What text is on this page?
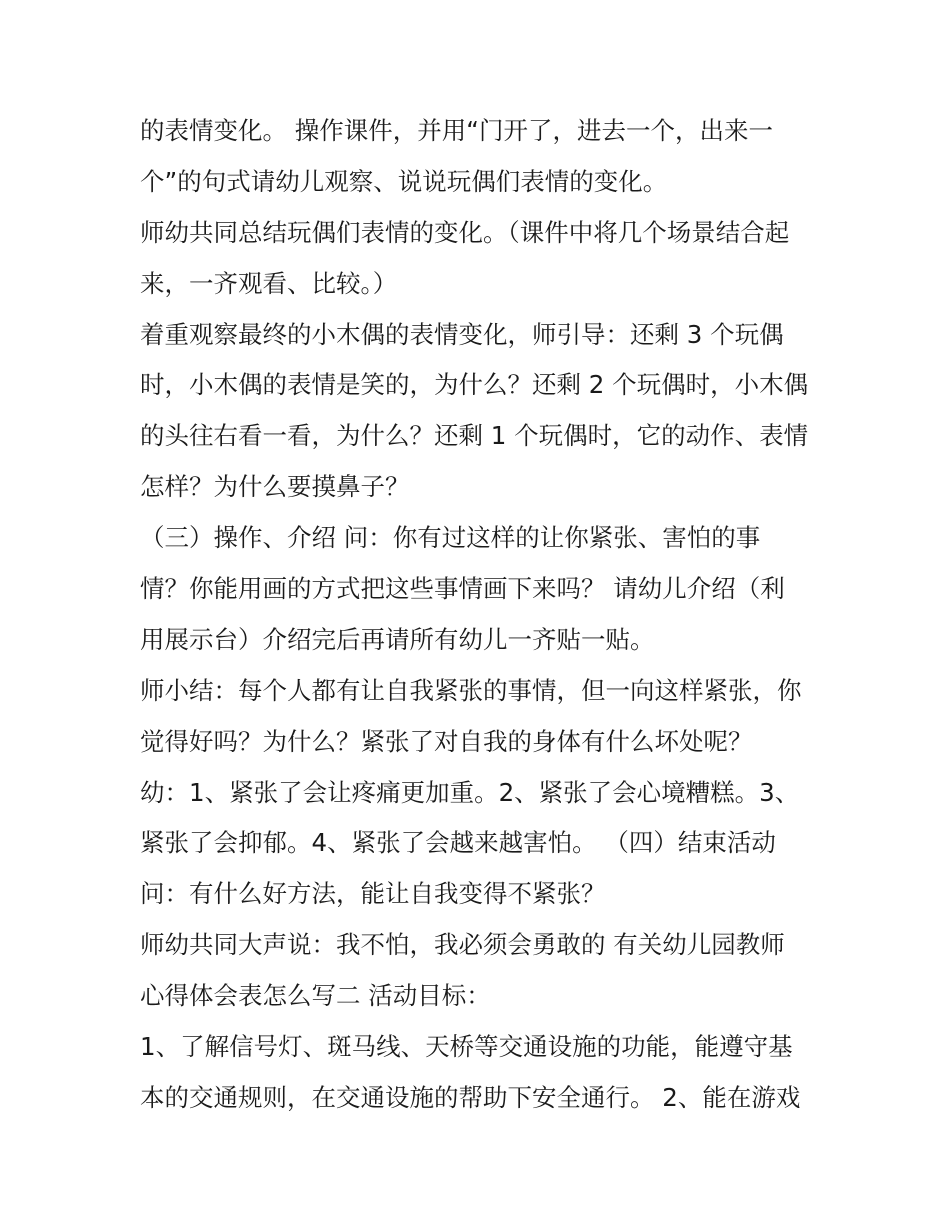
的表情变化。 操作课件，并用“门开了，进去一个，出来一
个”的句式请幼儿观察、说说玩偶们表情的变化。
师幼共同总结玩偶们表情的变化。（课件中将几个场景结合起
来，一齐观看、比较。）
着重观察最终的小木偶的表情变化，师引导：还剩 3 个玩偶
时，小木偶的表情是笑的，为什么？还剩 2 个玩偶时，小木偶
的头往右看一看，为什么？还剩 1 个玩偶时，它的动作、表情
怎样？为什么要摸鼻子？
（三）操作、介绍 问：你有过这样的让你紧张、害怕的事
情？你能用画的方式把这些事情画下来吗？ 请幼儿介绍（利
用展示台）介绍完后再请所有幼儿一齐贴一贴。
师小结：每个人都有让自我紧张的事情，但一向这样紧张，你
觉得好吗？为什么？紧张了对自我的身体有什么坏处呢？
幼：1、紧张了会让疼痛更加重。2、紧张了会心境糟糕。3、
紧张了会抑郁。4、紧张了会越来越害怕。 （四）结束活动
问：有什么好方法，能让自我变得不紧张？
师幼共同大声说：我不怕，我必须会勇敢的 有关幼儿园教师
心得体会表怎么写二 活动目标：
1、了解信号灯、斑马线、天桥等交通设施的功能，能遵守基
本的交通规则，在交通设施的帮助下安全通行。 2、能在游戏
